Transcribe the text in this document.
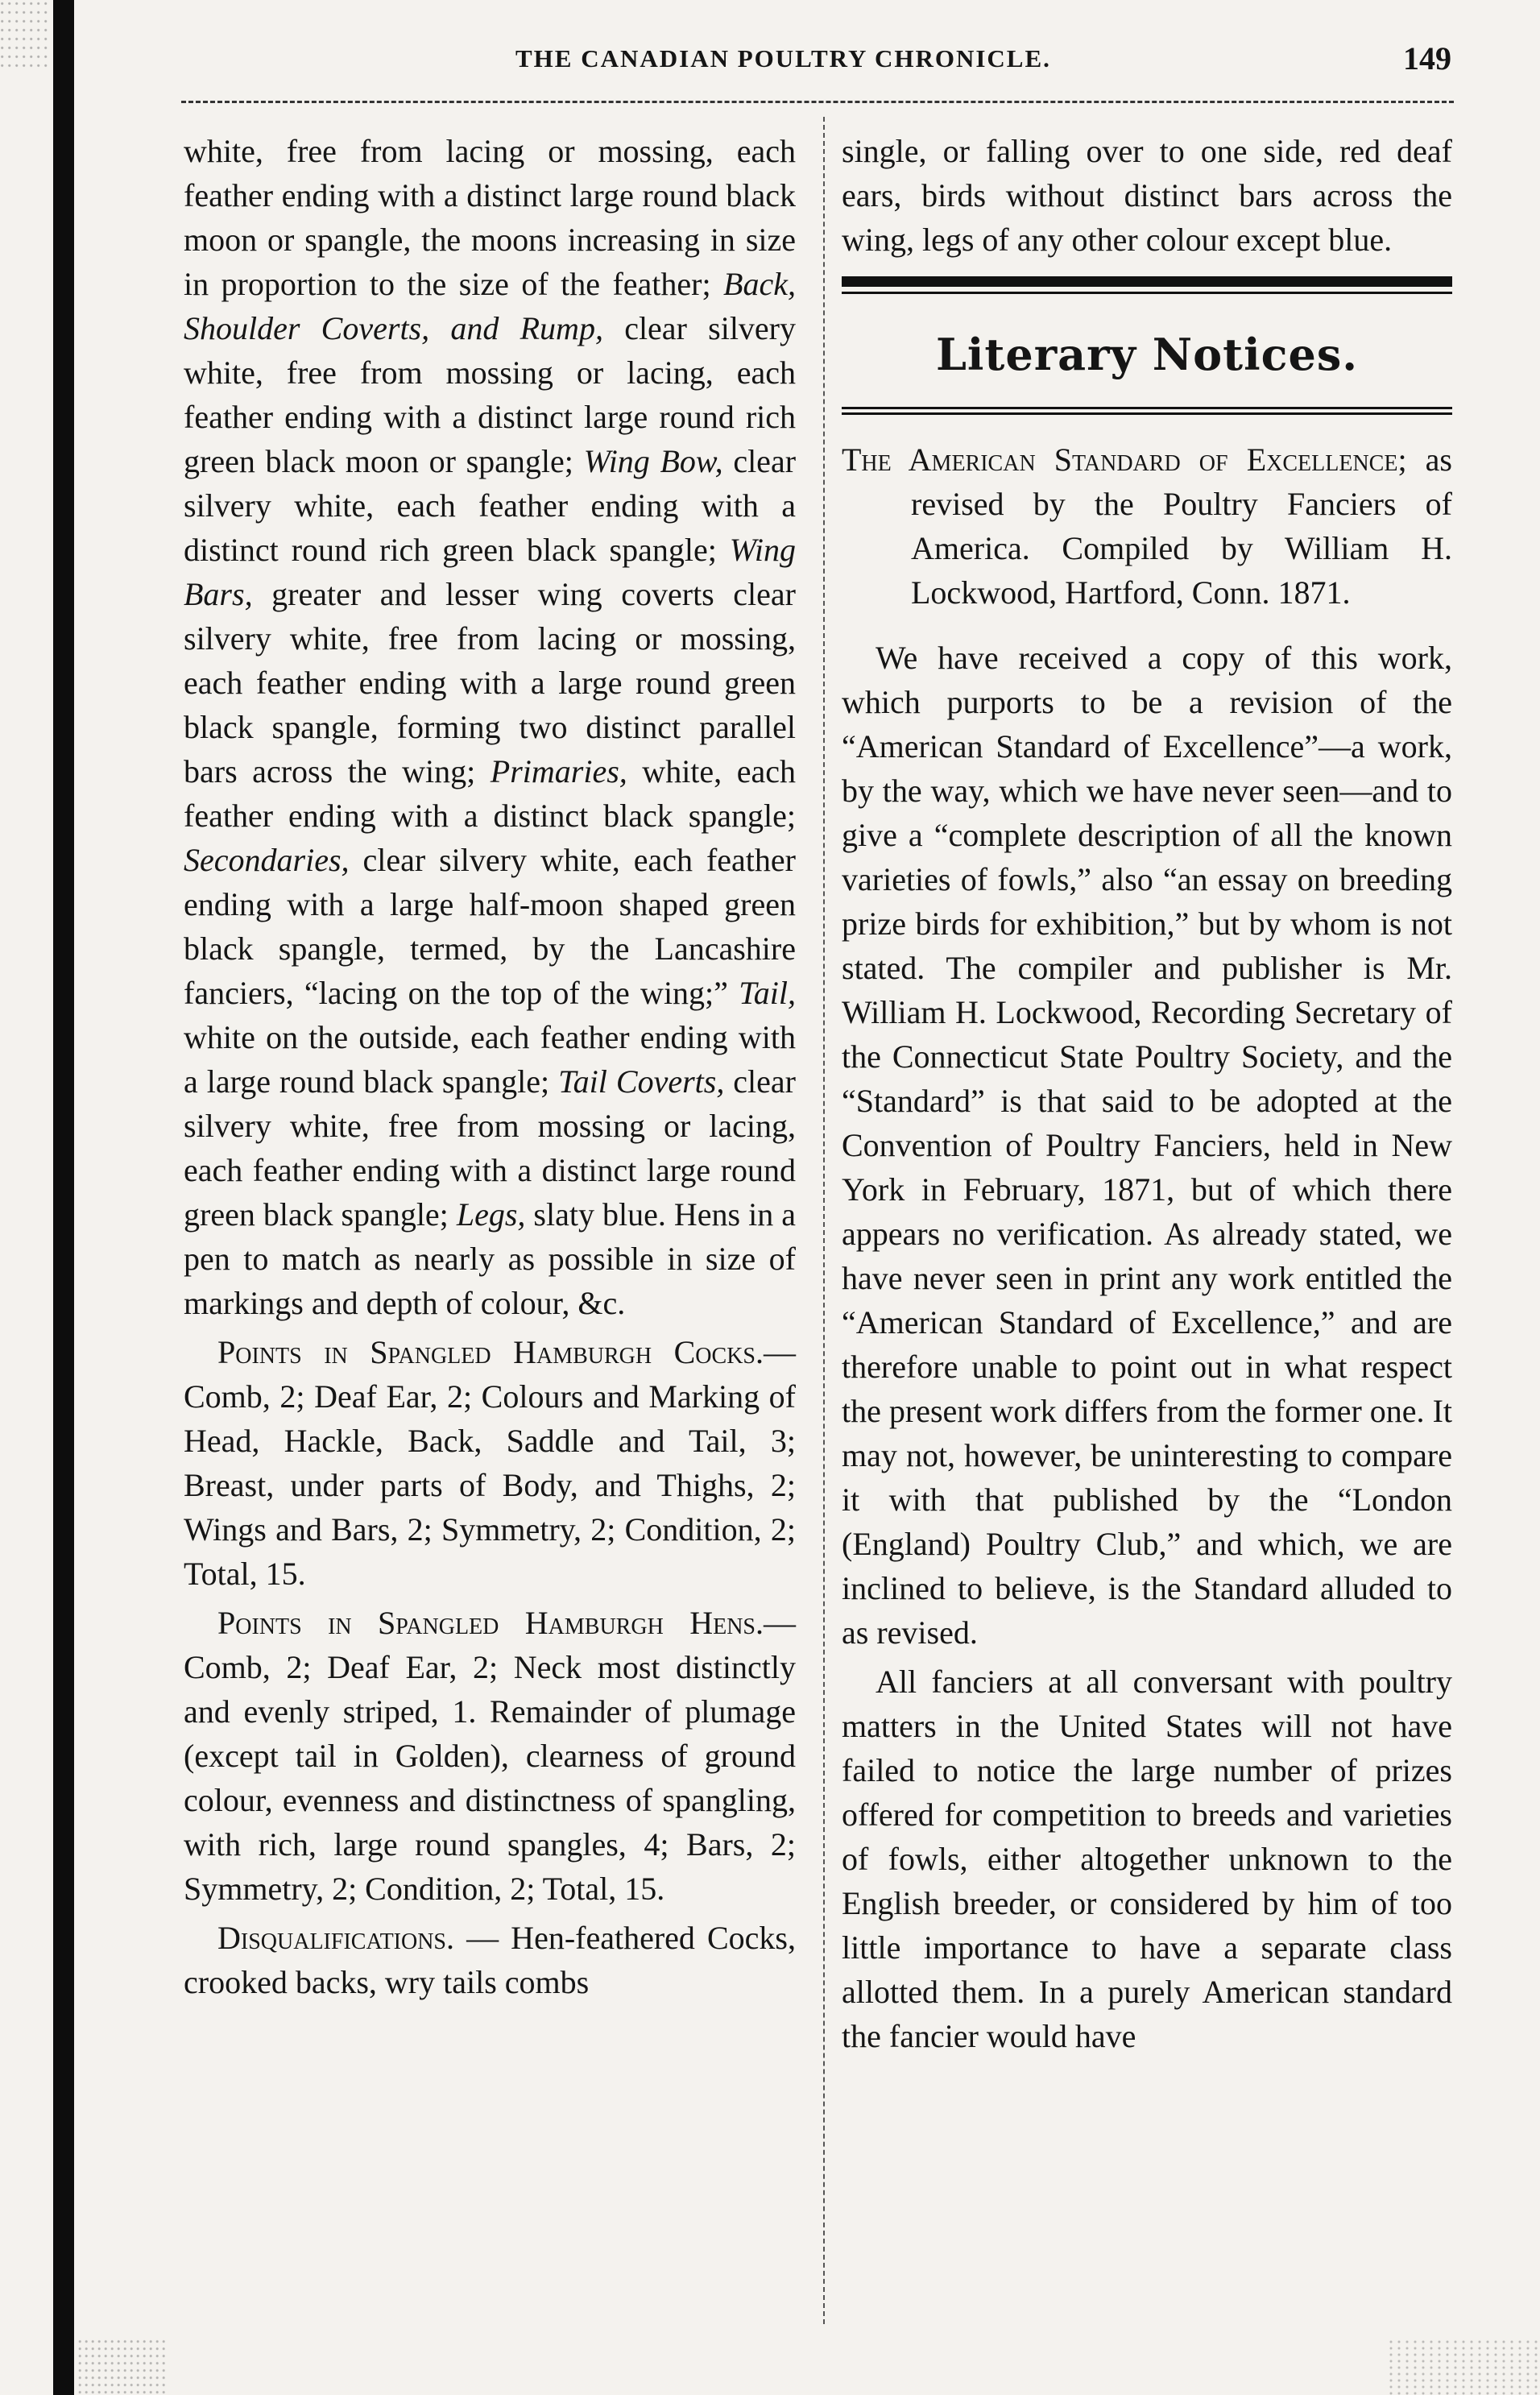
THE CANADIAN POULTRY CHRONICLE.	149

white, free from lacing or mossing, each feather ending with a distinct large round black moon or spangle, the moons increasing in size in proportion to the size of the feather; Back, Shoulder Coverts, and Rump, clear silvery white, free from mossing or lacing, each feather ending with a distinct large round rich green black moon or spangle; Wing Bow, clear silvery white, each feather ending with a distinct round rich green black spangle; Wing Bars, greater and lesser wing coverts clear silvery white, free from lacing or mossing, each feather ending with a large round green black spangle, forming two distinct parallel bars across the wing; Primaries, white, each feather ending with a distinct black spangle; Secondaries, clear silvery white, each feather ending with a large half-moon shaped green black spangle, termed, by the Lancashire fanciers, “lacing on the top of the wing;” Tail, white on the outside, each feather ending with a large round black spangle; Tail Coverts, clear silvery white, free from mossing or lacing, each feather ending with a distinct large round green black spangle; Legs, slaty blue. Hens in a pen to match as nearly as possible in size of markings and depth of colour, &c.

Points in Spangled Hamburgh Cocks.—Comb, 2; Deaf Ear, 2; Colours and Marking of Head, Hackle, Back, Saddle and Tail, 3; Breast, under parts of Body, and Thighs, 2; Wings and Bars, 2; Symmetry, 2; Condition, 2; Total, 15.

Points in Spangled Hamburgh Hens.—Comb, 2; Deaf Ear, 2; Neck most distinctly and evenly striped, 1. Remainder of plumage (except tail in Golden), clearness of ground colour, evenness and distinctness of spangling, with rich, large round spangles, 4; Bars, 2; Symmetry, 2; Condition, 2; Total, 15.

Disqualifications. — Hen-feathered Cocks, crooked backs, wry tails combs

single, or falling over to one side, red deaf ears, birds without distinct bars across the wing, legs of any other colour except blue.

Literary Notices.

The American Standard of Excellence; as revised by the Poultry Fanciers of America. Compiled by William H. Lockwood, Hartford, Conn. 1871.

We have received a copy of this work, which purports to be a revision of the “American Standard of Excellence”—a work, by the way, which we have never seen—and to give a “complete description of all the known varieties of fowls,” also “an essay on breeding prize birds for exhibition,” but by whom is not stated. The compiler and publisher is Mr. William H. Lockwood, Recording Secretary of the Connecticut State Poultry Society, and the “Standard” is that said to be adopted at the Convention of Poultry Fanciers, held in New York in February, 1871, but of which there appears no verification. As already stated, we have never seen in print any work entitled the “American Standard of Excellence,” and are therefore unable to point out in what respect the present work differs from the former one. It may not, however, be uninteresting to compare it with that published by the “London (England) Poultry Club,” and which, we are inclined to believe, is the Standard alluded to as revised.

All fanciers at all conversant with poultry matters in the United States will not have failed to notice the large number of prizes offered for competition to breeds and varieties of fowls, either altogether unknown to the English breeder, or considered by him of too little importance to have a separate class allotted them. In a purely American standard the fancier would have
